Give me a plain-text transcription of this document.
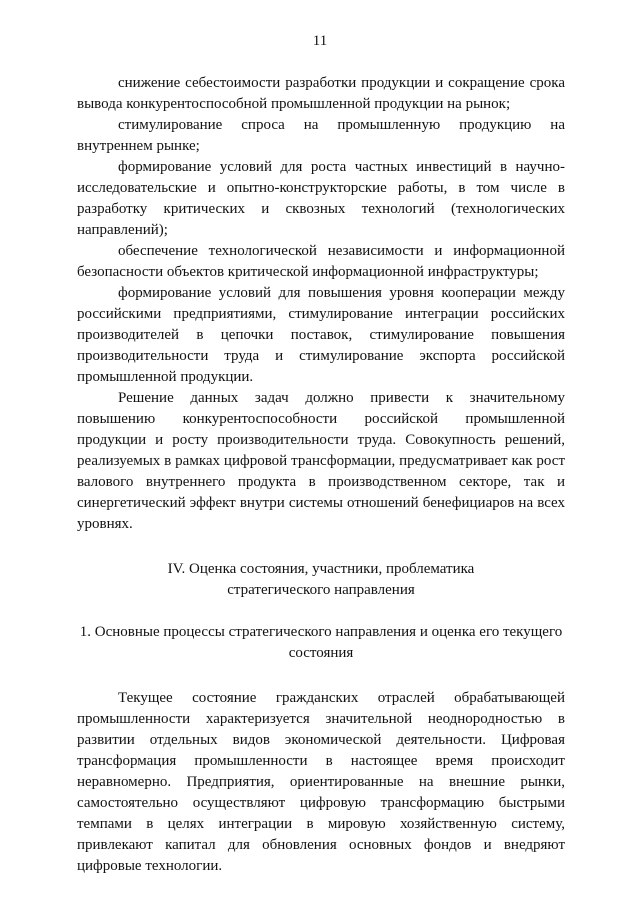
11

снижение себестоимости разработки продукции и сокращение срока вывода конкурентоспособной промышленной продукции на рынок;

стимулирование спроса на промышленную продукцию на внутреннем рынке;

формирование условий для роста частных инвестиций в научно-исследовательские и опытно-конструкторские работы, в том числе в разработку критических и сквозных технологий (технологических направлений);

обеспечение технологической независимости и информационной безопасности объектов критической информационной инфраструктуры;

формирование условий для повышения уровня кооперации между российскими предприятиями, стимулирование интеграции российских производителей в цепочки поставок, стимулирование повышения производительности труда и стимулирование экспорта российской промышленной продукции.

Решение данных задач должно привести к значительному повышению конкурентоспособности российской промышленной продукции и росту производительности труда. Совокупность решений, реализуемых в рамках цифровой трансформации, предусматривает как рост валового внутреннего продукта в производственном секторе, так и синергетический эффект внутри системы отношений бенефициаров на всех уровнях.

IV. Оценка состояния, участники, проблематика

стратегического направления

1. Основные процессы стратегического направления и оценка его текущего

состояния

Текущее состояние гражданских отраслей обрабатывающей промышленности характеризуется значительной неоднородностью в развитии отдельных видов экономической деятельности. Цифровая трансформация промышленности в настоящее время происходит неравномерно. Предприятия, ориентированные на внешние рынки, самостоятельно осуществляют цифровую трансформацию быстрыми темпами в целях интеграции в мировую хозяйственную систему, привлекают капитал для обновления основных фондов и внедряют цифровые технологии.
